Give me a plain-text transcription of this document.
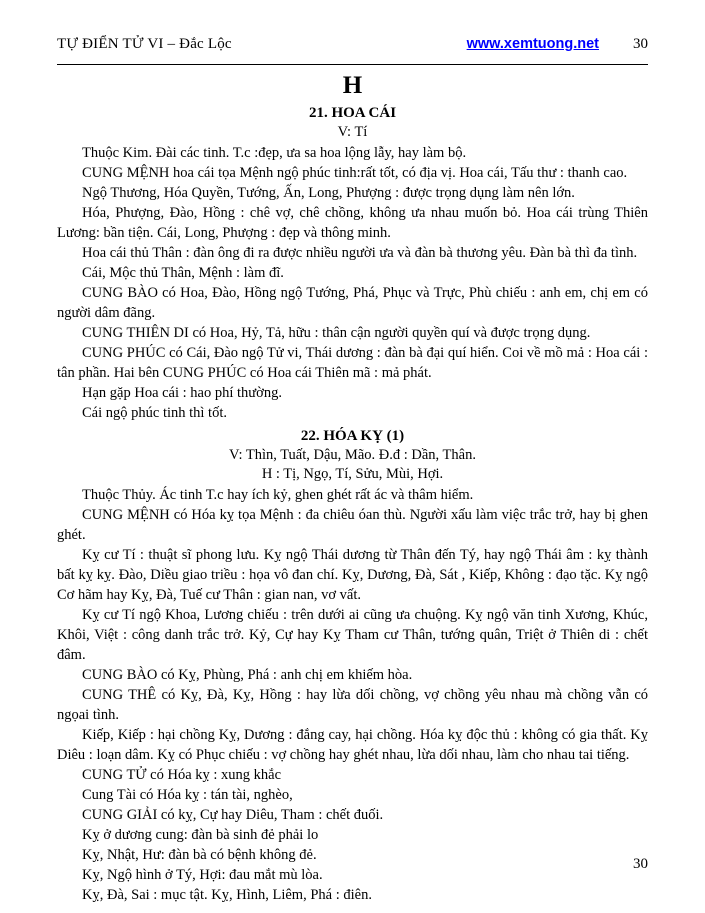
TỰ ĐIỂN TỬ VI – Đắc Lộc	www.xemtuong.net 30
H
21. HOA CÁI

V: Tí

Thuộc Kim. Đài các tinh. T.c :đẹp, ưa sa hoa lộng lẫy, hay làm bộ.

CUNG MỆNH hoa cái tọa Mệnh ngộ phúc tinh:rất tốt, có địa vị. Hoa cái, Tấu thư : thanh cao.

Ngộ Thương, Hóa Quyền, Tướng, Ấn, Long, Phượng : được trọng dụng làm nên lớn.

Hóa, Phượng, Đào, Hồng : chê vợ, chê chồng, không ưa nhau muốn bỏ. Hoa cái trùng Thiên Lương: bần tiện. Cái, Long, Phượng : đẹp và thông minh.

Hoa cái thủ Thân : đàn ông đi ra được nhiều người ưa và đàn bà thương yêu. Đàn bà thì đa tình.

Cái, Mộc thủ Thân, Mệnh : làm đĩ.

CUNG BÀO có Hoa, Đào, Hồng ngộ Tướng, Phá, Phục và Trực, Phù chiếu : anh em, chị em có người dâm đãng.

CUNG THIÊN DI có Hoa, Hỷ, Tả, hữu : thân cận người quyền quí và được trọng dụng.

CUNG PHÚC có Cái, Đào ngộ Tử vi, Thái dương : đàn bà đại quí hiển. Coi về mồ mả : Hoa cái : tân phần. Hai bên CUNG PHÚC có Hoa cái Thiên mã : mả phát.

Hạn gặp Hoa cái : hao phí thường.

Cái ngộ phúc tinh thì tốt.

22. HÓA KỴ (1)

V: Thìn, Tuất, Dậu, Mão. Đ.đ : Dần, Thân.

H : Tị, Ngọ, Tí, Sửu, Mùi, Hợi.

Thuộc Thủy. Ác tinh T.c hay ích kỷ, ghen ghét rất ác và thâm hiểm.

CUNG MỆNH có Hóa kỵ tọa Mệnh : đa chiêu óan thù. Người xấu làm việc trắc trở, hay bị ghen ghét.

Kỵ cư Tí : thuật sĩ phong lưu. Kỵ ngộ Thái dương từ Thân đến Tý, hay ngộ Thái âm : kỵ thành bất kỵ kỵ. Đào, Diều giao triều : họa vô đan chí. Kỵ, Dương, Đà, Sát , Kiếp, Không : đạo tặc. Kỵ ngộ Cơ hãm hay Kỵ, Đà, Tuế cư Thân : gian nan, vơ vất.

Kỵ cư Tí ngộ Khoa, Lương chiếu : trên dưới ai cũng ưa chuộng. Kỵ ngộ văn tinh Xương, Khúc, Khôi, Việt : công danh trắc trở. Kỷ, Cự hay Kỵ Tham cư Thân, tướng quân, Triệt ở Thiên di : chết đâm.

CUNG BÀO có Kỵ, Phùng, Phá : anh chị em khiếm hòa.

CUNG THÊ có Kỵ, Đà, Kỵ, Hồng : hay lừa dối chồng, vợ chồng yêu nhau mà chồng vẫn có ngọai tình.

Kiếp, Kiếp : hại chồng Kỵ, Dương : đắng cay, hại chồng. Hóa kỵ độc thủ : không có gia thất. Kỵ Diêu : loạn dâm. Kỵ có Phục chiếu : vợ chồng hay ghét nhau, lừa dối nhau, làm cho nhau tai tiếng.

CUNG TỬ có Hóa kỵ : xung khắc

Cung Tài có Hóa kỵ : tán tài, nghèo,

CUNG GIẢI có kỵ, Cự hay Diêu, Tham : chết đuối.

Kỵ ở dương cung: đàn bà sinh đẻ phải lo

Kỵ, Nhật, Hư: đàn bà có bệnh không đẻ.

Kỵ, Ngộ hình ở Tý, Hợi: đau mắt mù lòa.

Kỵ, Đà, Sai : mục tật. Kỵ, Hình, Liêm, Phá : điên.

30
